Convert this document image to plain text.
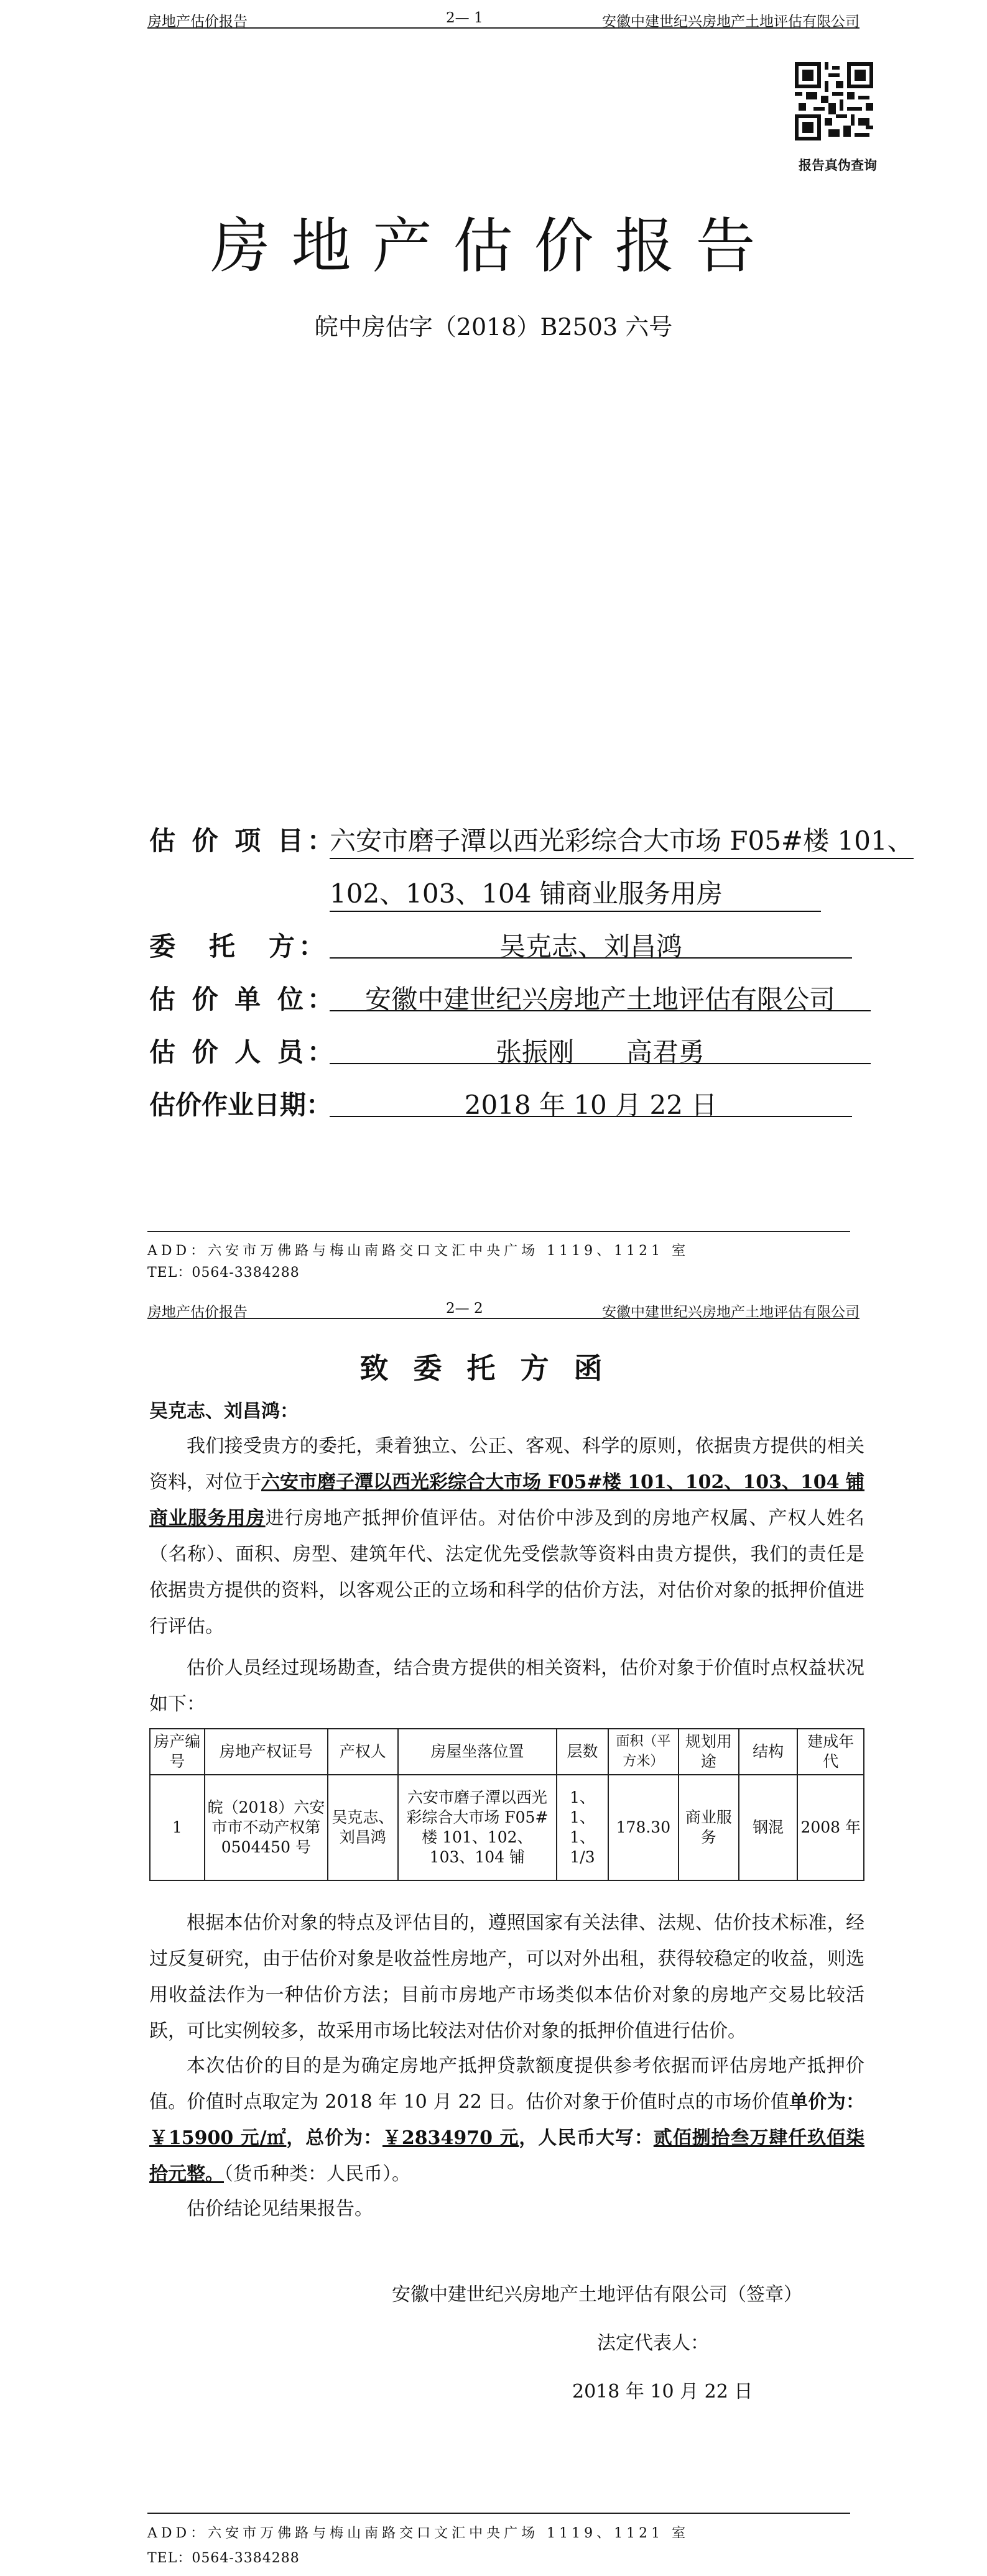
房地产估价报告	2— 1	安徽中建世纪兴房地产土地评估有限公司
报告真伪查询
房地产估价报告
皖中房估字（2018）B2503 六号
估 价 项 目：
六安市磨子潭以西光彩综合大市场 F05#楼 101、
102、103、104 铺商业服务用房
委　托　方：	吴克志、刘昌鸿
估 价 单 位：	安徽中建世纪兴房地产土地评估有限公司
估 价 人 员：	张振刚　　高君勇
估价作业日期：	2018 年 10 月 22 日
ADD：六安市万佛路与梅山南路交口文汇中央广场 1119、1121 室
TEL：0564-3384288
房地产估价报告	2— 2	安徽中建世纪兴房地产土地评估有限公司
致委托方函
吴克志、刘昌鸿：

我们接受贵方的委托，秉着独立、公正、客观、科学的原则，依据贵方提供的相关资料，对位于六安市磨子潭以西光彩综合大市场 F05#楼 101、102、103、104 铺商业服务用房进行房地产抵押价值评估。对估价中涉及到的房地产权属、产权人姓名（名称）、面积、房型、建筑年代、法定优先受偿款等资料由贵方提供，我们的责任是依据贵方提供的资料，以客观公正的立场和科学的估价方法，对估价对象的抵押价值进行评估。

估价人员经过现场勘查，结合贵方提供的相关资料，估价对象于价值时点权益状况如下：

房产编号	房地产权证号	产权人	房屋坐落位置	层数	面积（平方米）	规划用途	结构	建成年代
1	皖（2018）六安市市不动产权第 0504450 号	吴克志、刘昌鸿	六安市磨子潭以西光彩综合大市场 F05#楼 101、102、103、104 铺	1、1、1、1/3	178.30	商业服务	钢混	2008 年

根据本估价对象的特点及评估目的，遵照国家有关法律、法规、估价技术标准，经过反复研究，由于估价对象是收益性房地产，可以对外出租，获得较稳定的收益，则选用收益法作为一种估价方法；目前市房地产市场类似本估价对象的房地产交易比较活跃，可比实例较多，故采用市场比较法对估价对象的抵押价值进行估价。

本次估价的目的是为确定房地产抵押贷款额度提供参考依据而评估房地产抵押价值。价值时点取定为 2018 年 10 月 22 日。估价对象于价值时点的市场价值单价为：￥15900 元/㎡，总价为：￥2834970 元，人民币大写：贰佰捌拾叁万肆仟玖佰柒拾元整。（货币种类：人民币）。

估价结论见结果报告。

安徽中建世纪兴房地产土地评估有限公司（签章）
法定代表人：
2018 年 10 月 22 日
ADD：六安市万佛路与梅山南路交口文汇中央广场 1119、1121 室
TEL：0564-3384288
